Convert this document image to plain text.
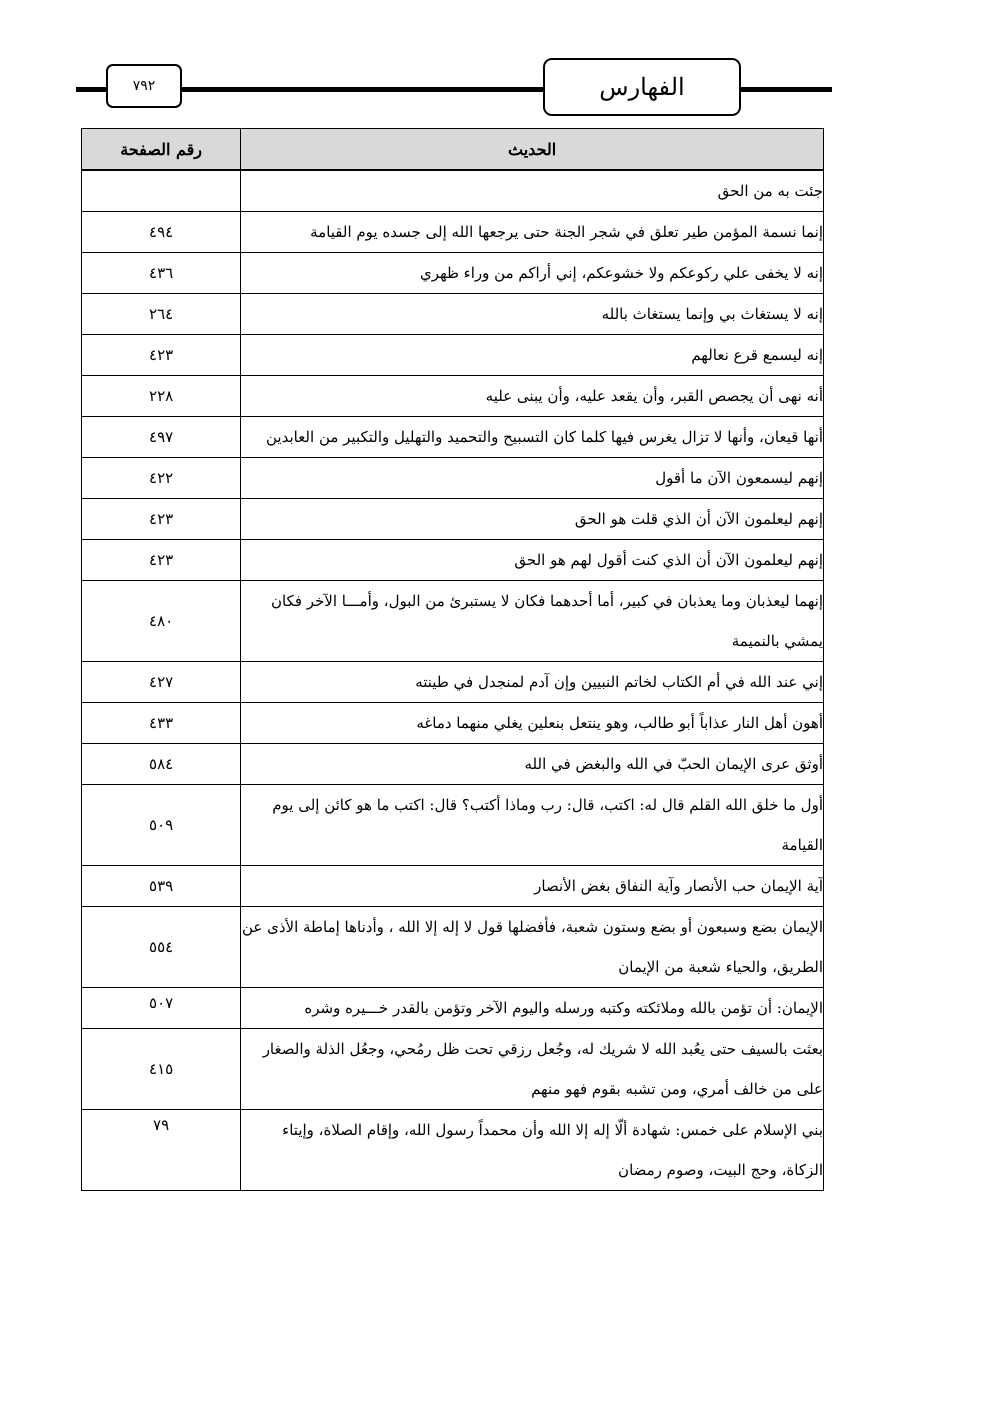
٧٩٢	الفهارس
الحديث	رقم الصفحة
جئت به من الحق	
إنما نسمة المؤمن طير تعلق في شجر الجنة حتى يرجعها الله إلى جسده يوم القيامة	٤٩٤
إنه لا يخفى علي ركوعكم ولا خشوعكم، إني أراكم من وراء ظهري	٤٣٦
إنه لا يستغاث بي وإنما يستغاث بالله	٢٦٤
إنه ليسمع قرع نعالهم	٤٢٣
أنه نهى أن يجصص القبر، وأن يقعد عليه، وأن يبنى عليه	٢٢٨
أنها قيعان، وأنها لا تزال يغرس فيها كلما كان التسبيح والتحميد والتهليل والتكبير من العابدين	٤٩٧
إنهم ليسمعون الآن ما أقول	٤٢٢
إنهم ليعلمون الآن أن الذي قلت هو الحق	٤٢٣
إنهم ليعلمون الآن أن الذي كنت أقول لهم هو الحق	٤٢٣
إنهما ليعذبان وما يعذبان في كبير، أما أحدهما فكان لا يستبرئ من البول، وأمـــا الآخر فكان يمشي بالنميمة	٤٨٠
إني عند الله في أم الكتاب لخاتم النبيين وإن آدم لمنجدل في طينته	٤٢٧
أهون أهل النار عذاباً أبو طالب، وهو ينتعل بنعلين يغلي منهما دماغه	٤٣٣
أوثق عرى الإيمان الحبّ في الله والبغض في الله	٥٨٤
أول ما خلق الله القلم قال له: اكتب، قال: رب وماذا أكتب؟ قال: اكتب ما هو كائن إلى يوم القيامة	٥٠٩
آية الإيمان حب الأنصار وآية النفاق بغض الأنصار	٥٣٩
الإيمان بضع وسبعون أو بضع وستون شعبة، فأفضلها قول لا إله إلا الله ، وأدناها إماطة الأذى عن الطريق، والحياء شعبة من الإيمان	٥٥٤
الإيمان: أن تؤمن بالله وملائكته وكتبه ورسله واليوم الآخر وتؤمن بالقدر خـــيره وشره	٥٠٧
بعثت بالسيف حتى يعُبد الله لا شريك له، وجُعل رزقي تحت ظل رمُحي، وجعُل الذلة والصغار على من خالف أمري، ومن تشبه بقوم فهو منهم	٤١٥
بني الإسلام على خمس: شهادة ألّا إله إلا الله وأن محمداً رسول الله، وإقام الصلاة، وإيتاء الزكاة، وحج البيت، وصوم رمضان	٧٩
